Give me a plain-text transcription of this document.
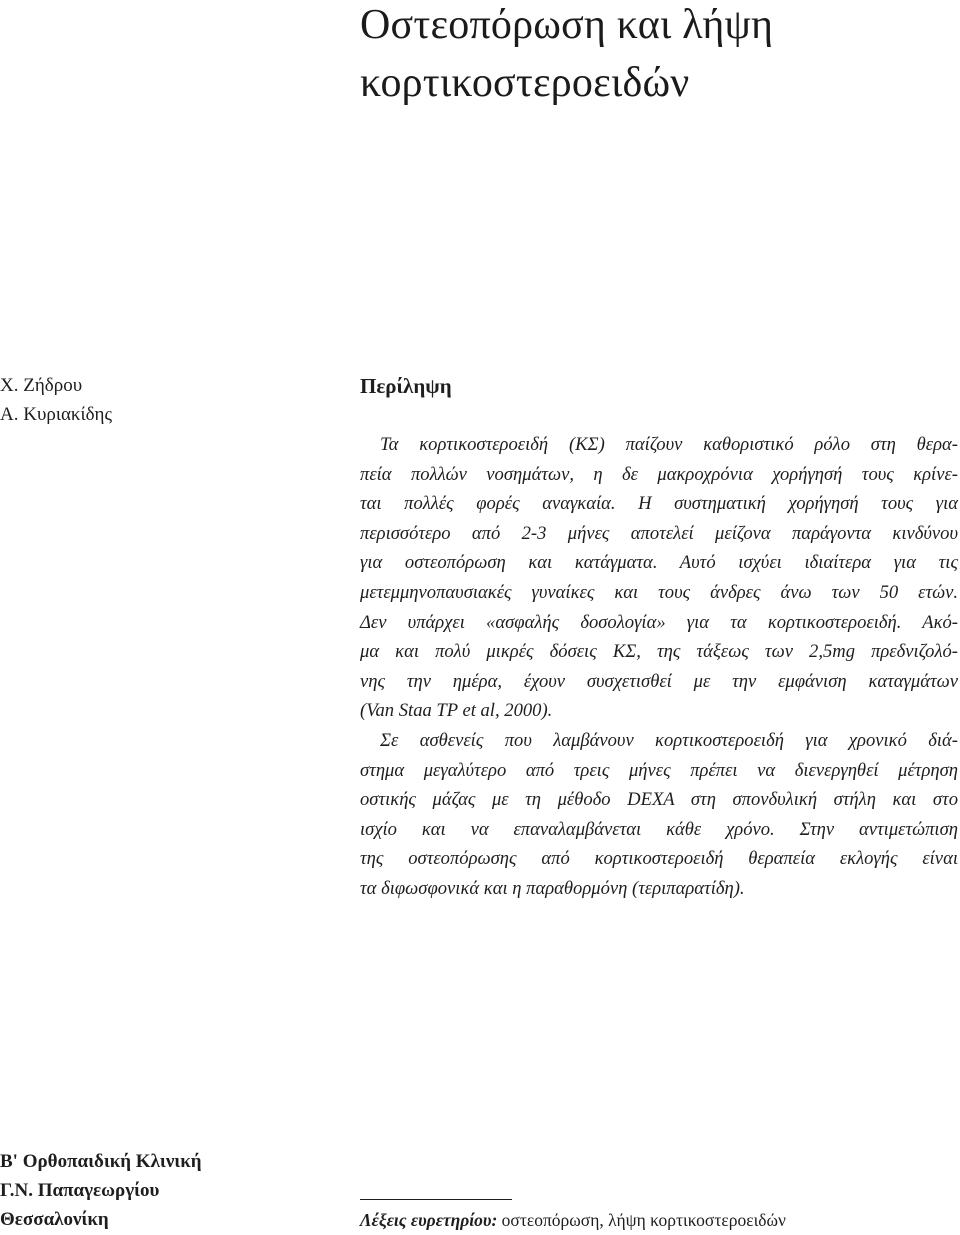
Οστεοπόρωση και λήψη
κορτικοστεροειδών
Χ. Ζήδρου
Α. Κυριακίδης
Περίληψη
Τα κορτικοστεροειδή (ΚΣ) παίζουν καθοριστικό ρόλο στη θερα-
πεία πολλών νοσημάτων, η δε μακροχρόνια χορήγησή τους κρίνε-
ται πολλές φορές αναγκαία. Η συστηματική χορήγησή τους για
περισσότερο από 2-3 μήνες αποτελεί μείζονα παράγοντα κινδύνου
για οστεοπόρωση και κατάγματα. Αυτό ισχύει ιδιαίτερα για τις
μετεμμηνοπαυσιακές γυναίκες και τους άνδρες άνω των 50 ετών.
Δεν υπάρχει «ασφαλής δοσολογία» για τα κορτικοστεροειδή. Ακό-
μα και πολύ μικρές δόσεις ΚΣ, της τάξεως των 2,5mg πρεδνιζολό-
νης την ημέρα, έχουν συσχετισθεί με την εμφάνιση καταγμάτων
(Van Staa TP et al, 2000).
Σε ασθενείς που λαμβάνουν κορτικοστεροειδή για χρονικό διά-
στημα μεγαλύτερο από τρεις μήνες πρέπει να διενεργηθεί μέτρηση
οστικής μάζας με τη μέθοδο DEXA στη σπονδυλική στήλη και στο
ισχίο και να επαναλαμβάνεται κάθε χρόνο. Στην αντιμετώπιση
της οστεοπόρωσης από κορτικοστεροειδή θεραπεία εκλογής είναι
τα διφωσφονικά και η παραθορμόνη (τεριπαρατίδη).
Β' Ορθοπαιδική Κλινική
Γ.Ν. Παπαγεωργίου
Θεσσαλονίκη	Λέξεις ευρετηρίου: οστεοπόρωση, λήψη κορτικοστεροειδών
